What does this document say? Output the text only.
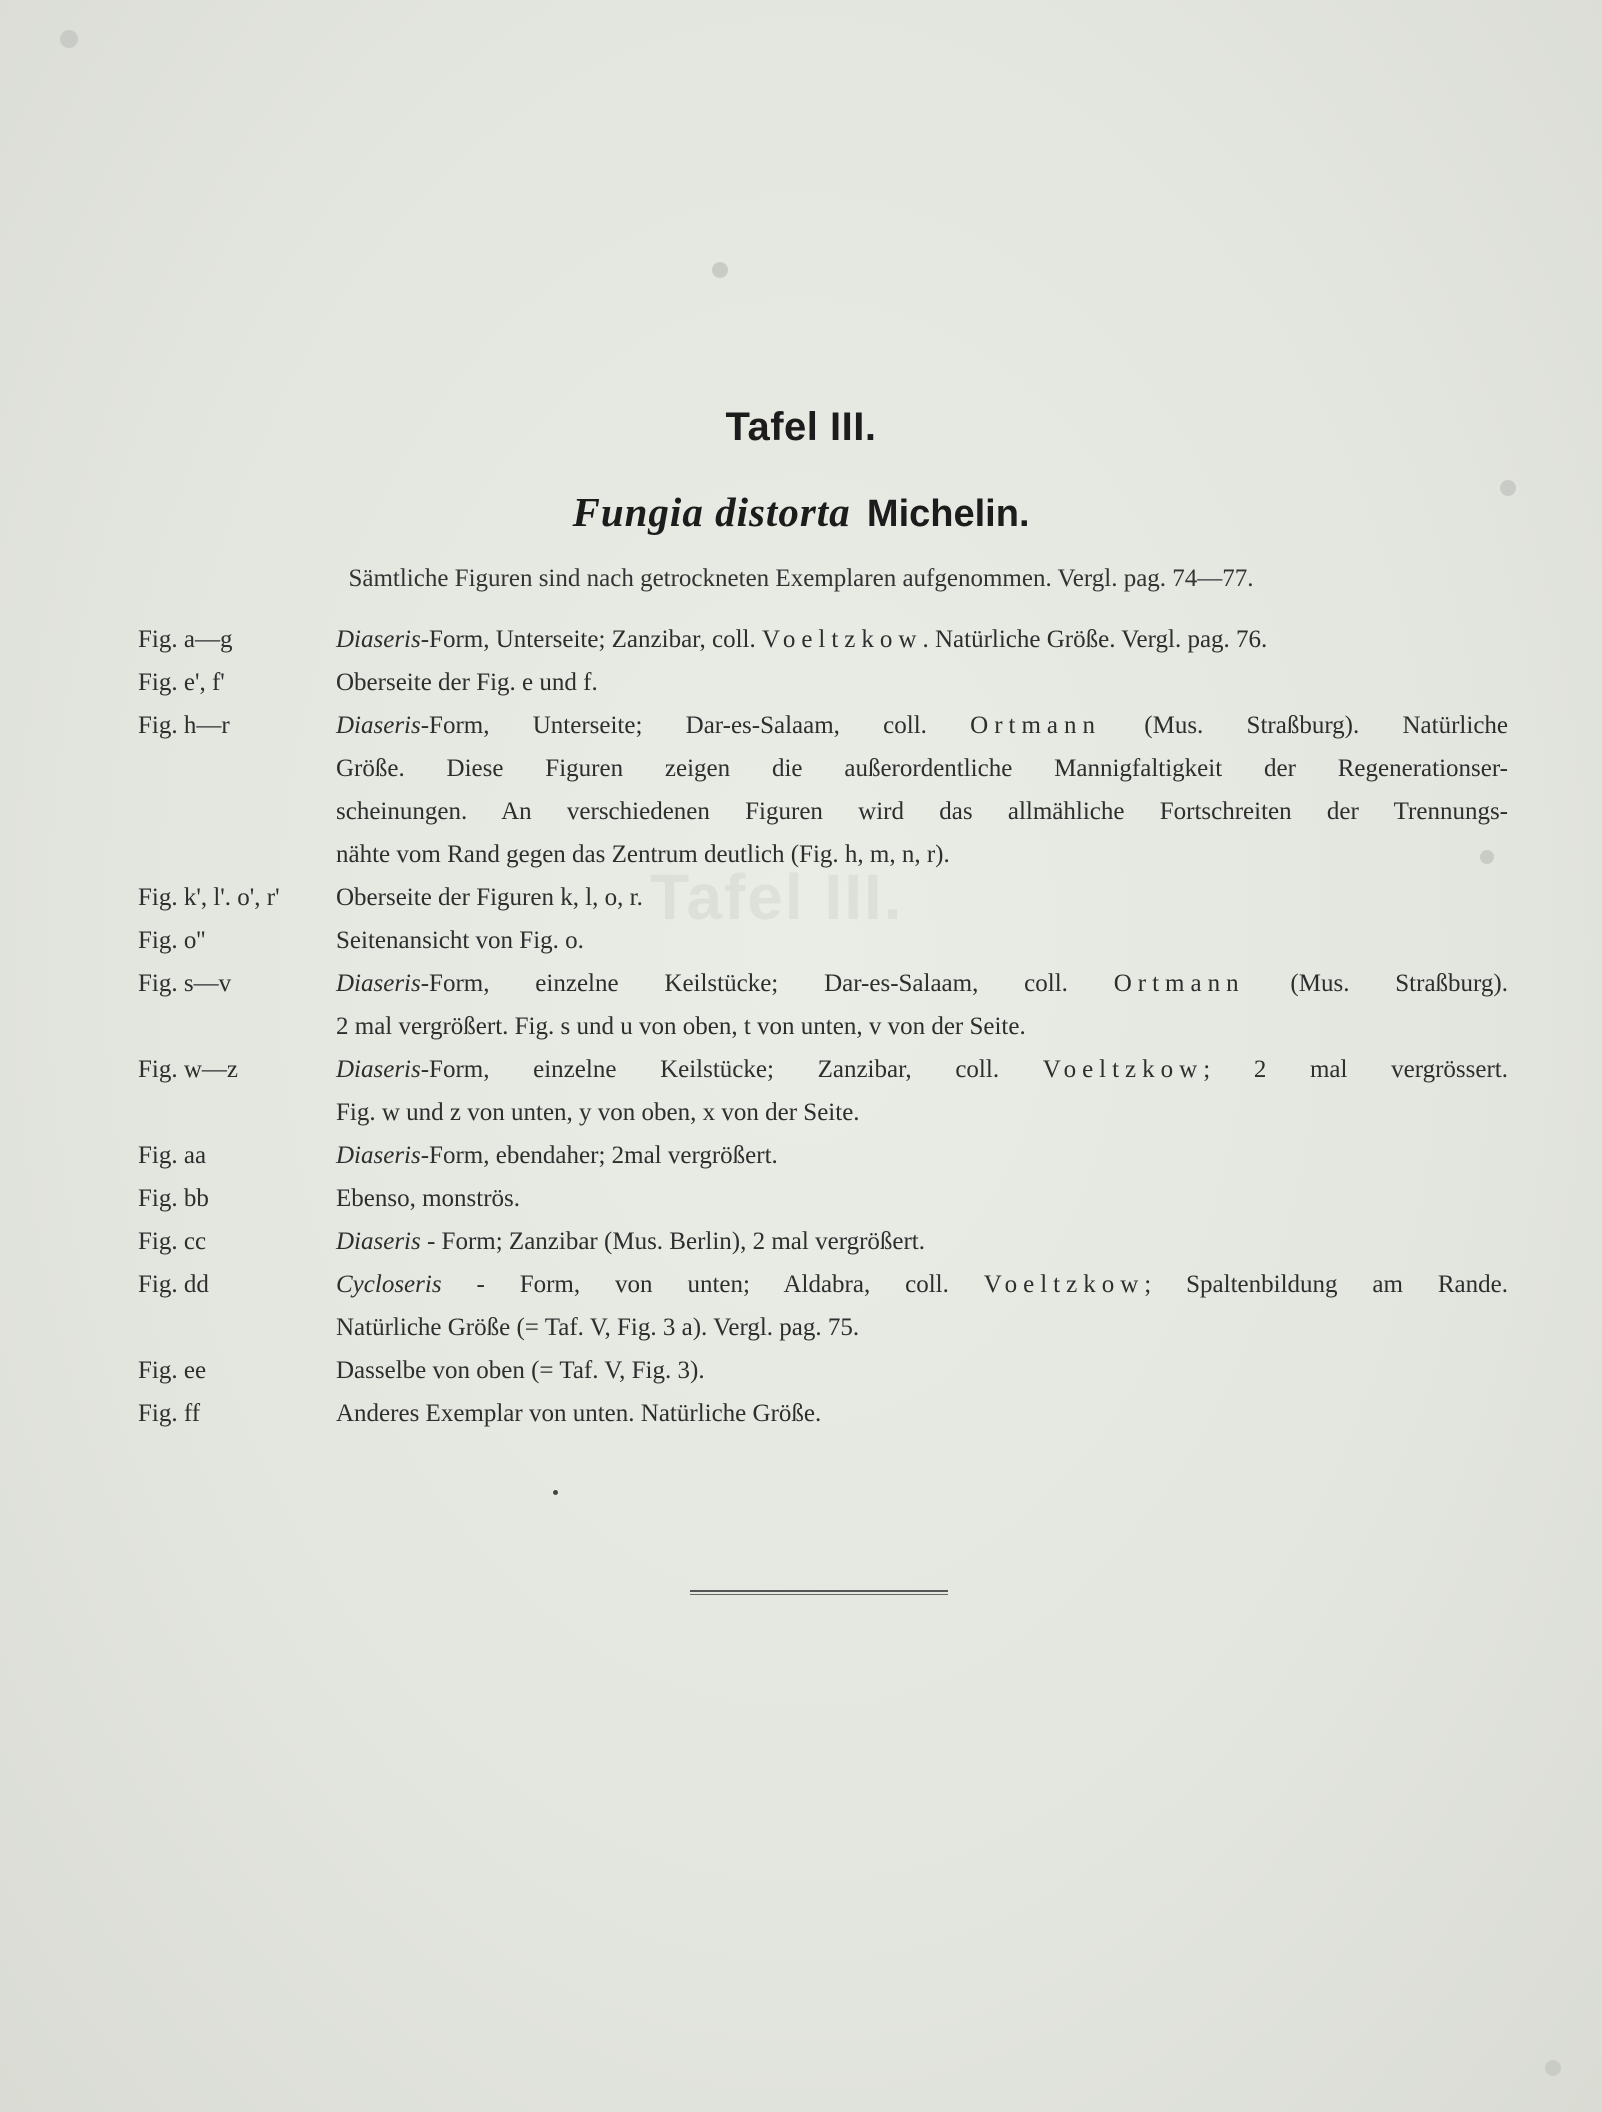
Tafel III.
Tafel III.
Fungia distorta Michelin.
Sämtliche Figuren sind nach getrockneten Exemplaren aufgenommen. Vergl. pag. 74—77.
Fig. a—g	Diaseris-Form, Unterseite; Zanzibar, coll. Voeltzkow. Natürliche Größe. Vergl. pag. 76.
Fig. e', f'	Oberseite der Fig. e und f.
Fig. h—r	Diaseris-Form, Unterseite; Dar-es-Salaam, coll. Ortmann (Mus. Straßburg). Natürliche
Größe. Diese Figuren zeigen die außerordentliche Mannigfaltigkeit der Regenerationser-
scheinungen. An verschiedenen Figuren wird das allmähliche Fortschreiten der Trennungs-
nähte vom Rand gegen das Zentrum deutlich (Fig. h, m, n, r).
Fig. k', l'. o', r'	Oberseite der Figuren k, l, o, r.
Fig. o''	Seitenansicht von Fig. o.
Fig. s—v	Diaseris-Form, einzelne Keilstücke; Dar-es-Salaam, coll. Ortmann (Mus. Straßburg).
2 mal vergrößert. Fig. s und u von oben, t von unten, v von der Seite.
Fig. w—z	Diaseris-Form, einzelne Keilstücke; Zanzibar, coll. Voeltzkow; 2 mal vergrössert.
Fig. w und z von unten, y von oben, x von der Seite.
Fig. aa	Diaseris-Form, ebendaher; 2mal vergrößert.
Fig. bb	Ebenso, monströs.
Fig. cc	Diaseris - Form; Zanzibar (Mus. Berlin), 2 mal vergrößert.
Fig. dd	Cycloseris - Form, von unten; Aldabra, coll. Voeltzkow; Spaltenbildung am Rande.
Natürliche Größe (= Taf. V, Fig. 3 a). Vergl. pag. 75.
Fig. ee	Dasselbe von oben (= Taf. V, Fig. 3).
Fig. ff	Anderes Exemplar von unten. Natürliche Größe.
